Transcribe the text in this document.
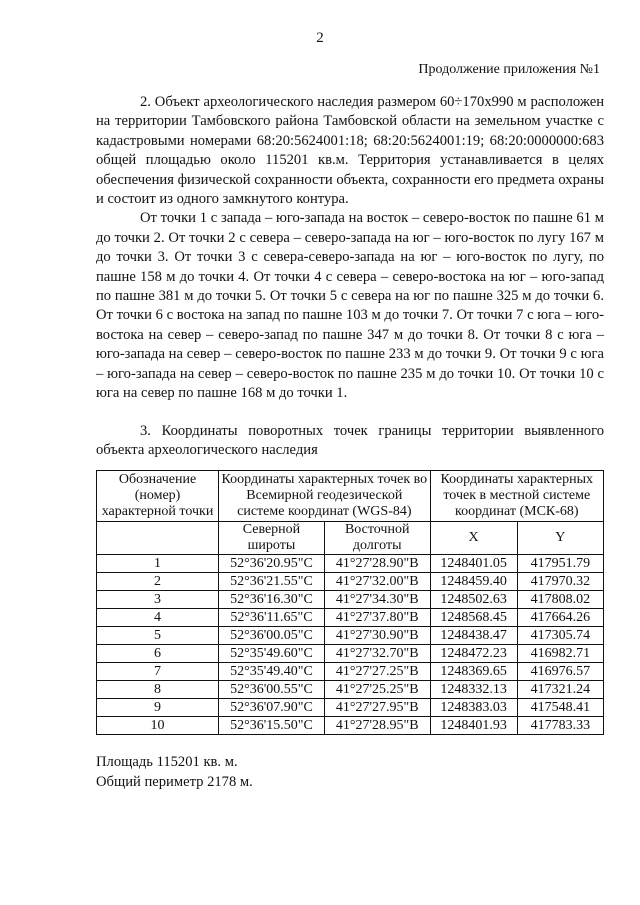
2
Продолжение приложения №1

2. Объект археологического наследия размером 60÷170х990 м расположен на территории Тамбовского района Тамбовской области на земельном участке с кадастровыми номерами 68:20:5624001:18; 68:20:5624001:19; 68:20:0000000:683 общей площадью около 115201 кв.м. Территория устанавливается в целях обеспечения физической сохранности объекта, сохранности его предмета охраны и состоит из одного замкнутого контура.

От точки 1 с запада – юго-запада на восток – северо-восток по пашне 61 м до точки 2. От точки 2 с севера – северо-запада на юг – юго-восток по лугу 167 м до точки 3. От точки 3 с севера-северо-запада на юг – юго-восток по лугу, по пашне 158 м до точки 4. От точки 4 с севера – северо-востока на юг – юго-запад по пашне 381 м до точки 5. От точки 5 с севера на юг по пашне 325 м до точки 6. От точки 6 с востока на запад по пашне 103 м до точки 7. От точки 7 с юга – юго-востока на север – северо-запад по пашне 347 м до точки 8. От точки 8 с юга – юго-запада на север – северо-восток по пашне 233 м до точки 9. От точки 9 с юга – юго-запада на север – северо-восток по пашне 235 м до точки 10. От точки 10 с юга на север по пашне 168 м до точки 1.

3. Координаты поворотных точек границы территории выявленного объекта археологического наследия

Обозначение (номер) характерной точки	Координаты характерных точек во Всемирной геодезической системе координат (WGS-84)		Координаты характерных точек в местной системе координат (МСК-68)	
	Северной широты	Восточной долготы	X	Y
1	52°36'20.95"С	41°27'28.90"В	1248401.05	417951.79
2	52°36'21.55"С	41°27'32.00"В	1248459.40	417970.32
3	52°36'16.30"С	41°27'34.30"В	1248502.63	417808.02
4	52°36'11.65"С	41°27'37.80"В	1248568.45	417664.26
5	52°36'00.05"С	41°27'30.90"В	1248438.47	417305.74
6	52°35'49.60"С	41°27'32.70"В	1248472.23	416982.71
7	52°35'49.40"С	41°27'27.25"В	1248369.65	416976.57
8	52°36'00.55"С	41°27'25.25"В	1248332.13	417321.24
9	52°36'07.90"С	41°27'27.95"В	1248383.03	417548.41
10	52°36'15.50"С	41°27'28.95"В	1248401.93	417783.33
Площадь 115201 кв. м.
Общий периметр 2178 м.
